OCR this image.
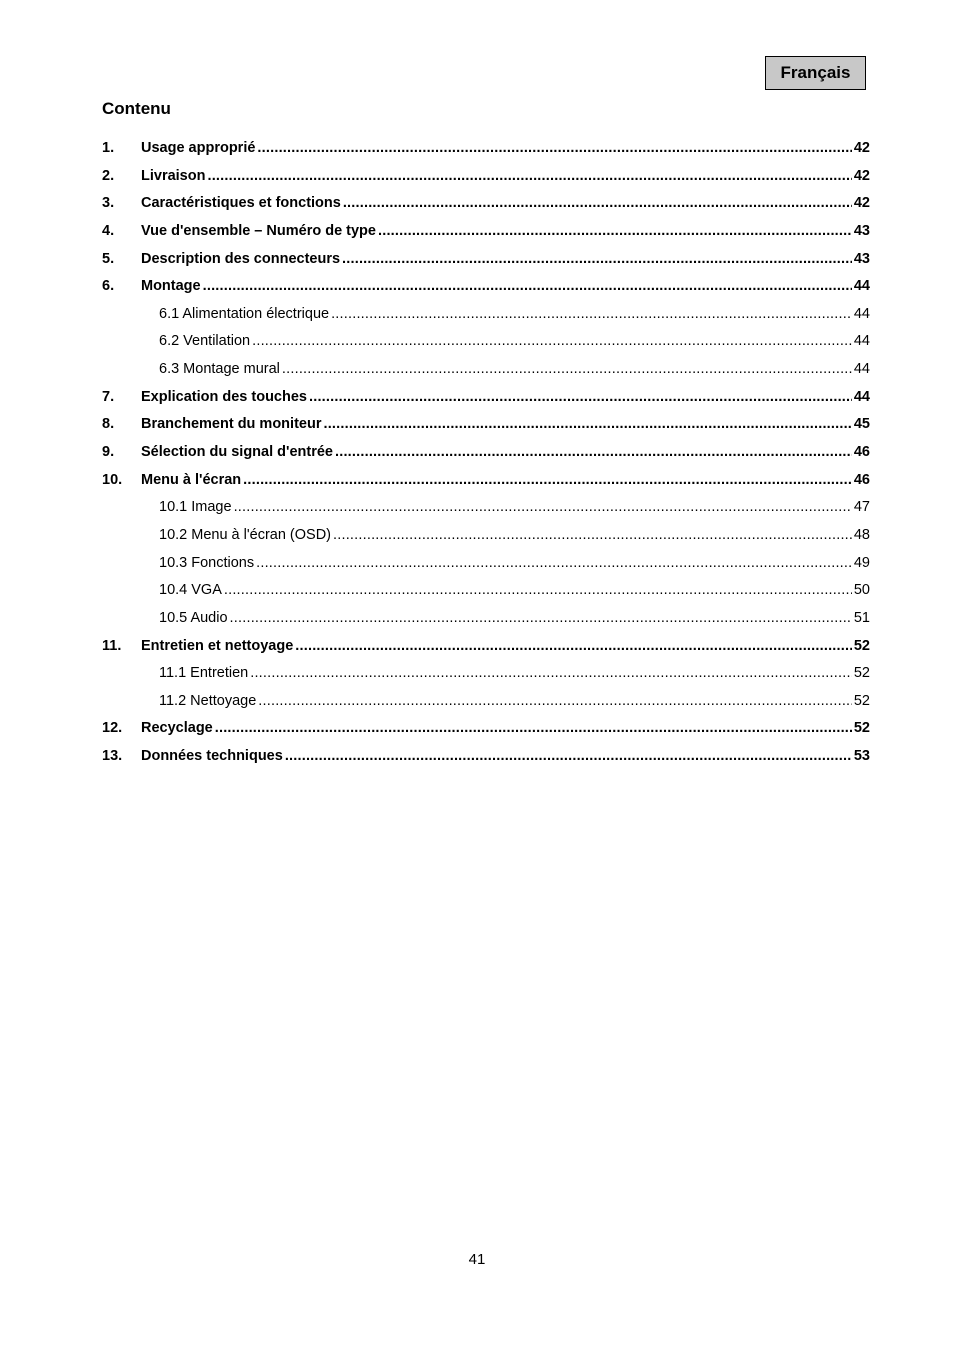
Français
Contenu
1.	Usage approprié .....	42
2.	Livraison .....	42
3.	Caractéristiques et fonctions .....	42
4.	Vue d'ensemble – Numéro de type .....	43
5.	Description des connecteurs .....	43
6.	Montage .....	44
6.1 Alimentation électrique .....	44
6.2 Ventilation .....	44
6.3 Montage mural .....	44
7.	Explication des touches .....	44
8.	Branchement du moniteur .....	45
9.	Sélection du signal d'entrée .....	46
10.	Menu à l'écran .....	46
10.1 Image .....	47
10.2 Menu à l'écran (OSD) .....	48
10.3 Fonctions .....	49
10.4 VGA .....	50
10.5 Audio .....	51
11.	Entretien et nettoyage .....	52
11.1 Entretien .....	52
11.2 Nettoyage .....	52
12.	Recyclage .....	52
13.	Données techniques .....	53
41
